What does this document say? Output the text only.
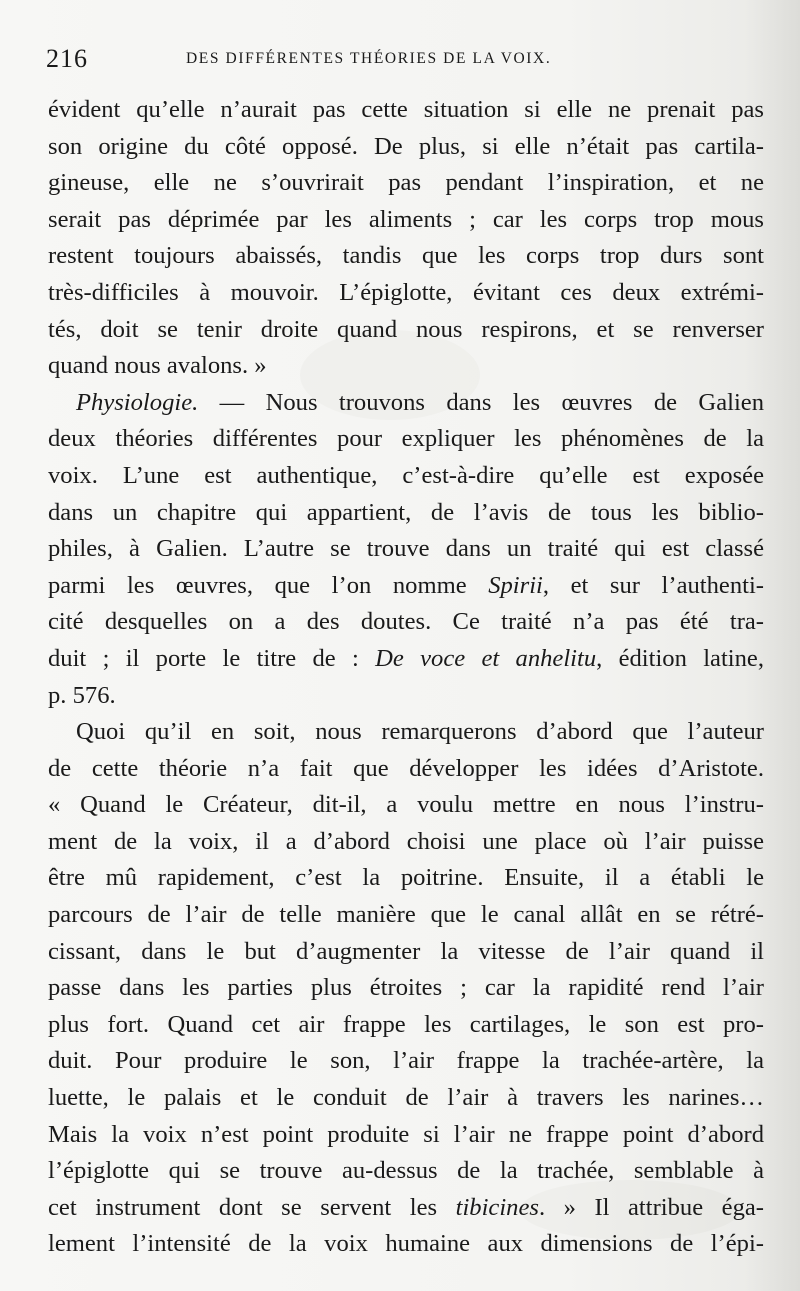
216	DES DIFFÉRENTES THÉORIES DE LA VOIX.
évident qu’elle n’aurait pas cette situation si elle ne prenait pas
son origine du côté opposé. De plus, si elle n’était pas cartila-
gineuse, elle ne s’ouvrirait pas pendant l’inspiration, et ne
serait pas déprimée par les aliments ; car les corps trop mous
restent toujours abaissés, tandis que les corps trop durs sont
très-difficiles à mouvoir. L’épiglotte, évitant ces deux extrémi-
tés, doit se tenir droite quand nous respirons, et se renverser
quand nous avalons. »
Physiologie. — Nous trouvons dans les œuvres de Galien
deux théories différentes pour expliquer les phénomènes de la
voix. L’une est authentique, c’est-à-dire qu’elle est exposée
dans un chapitre qui appartient, de l’avis de tous les biblio-
philes, à Galien. L’autre se trouve dans un traité qui est classé
parmi les œuvres, que l’on nomme Spirii, et sur l’authenti-
cité desquelles on a des doutes. Ce traité n’a pas été tra-
duit ; il porte le titre de : De voce et anhelitu, édition latine,
p. 576.
Quoi qu’il en soit, nous remarquerons d’abord que l’auteur
de cette théorie n’a fait que développer les idées d’Aristote.
« Quand le Créateur, dit-il, a voulu mettre en nous l’instru-
ment de la voix, il a d’abord choisi une place où l’air puisse
être mû rapidement, c’est la poitrine. Ensuite, il a établi le
parcours de l’air de telle manière que le canal allât en se rétré-
cissant, dans le but d’augmenter la vitesse de l’air quand il
passe dans les parties plus étroites ; car la rapidité rend l’air
plus fort. Quand cet air frappe les cartilages, le son est pro-
duit. Pour produire le son, l’air frappe la trachée-artère, la
luette, le palais et le conduit de l’air à travers les narines…
Mais la voix n’est point produite si l’air ne frappe point d’abord
l’épiglotte qui se trouve au-dessus de la trachée, semblable à
cet instrument dont se servent les tibicines. » Il attribue éga-
lement l’intensité de la voix humaine aux dimensions de l’épi-
